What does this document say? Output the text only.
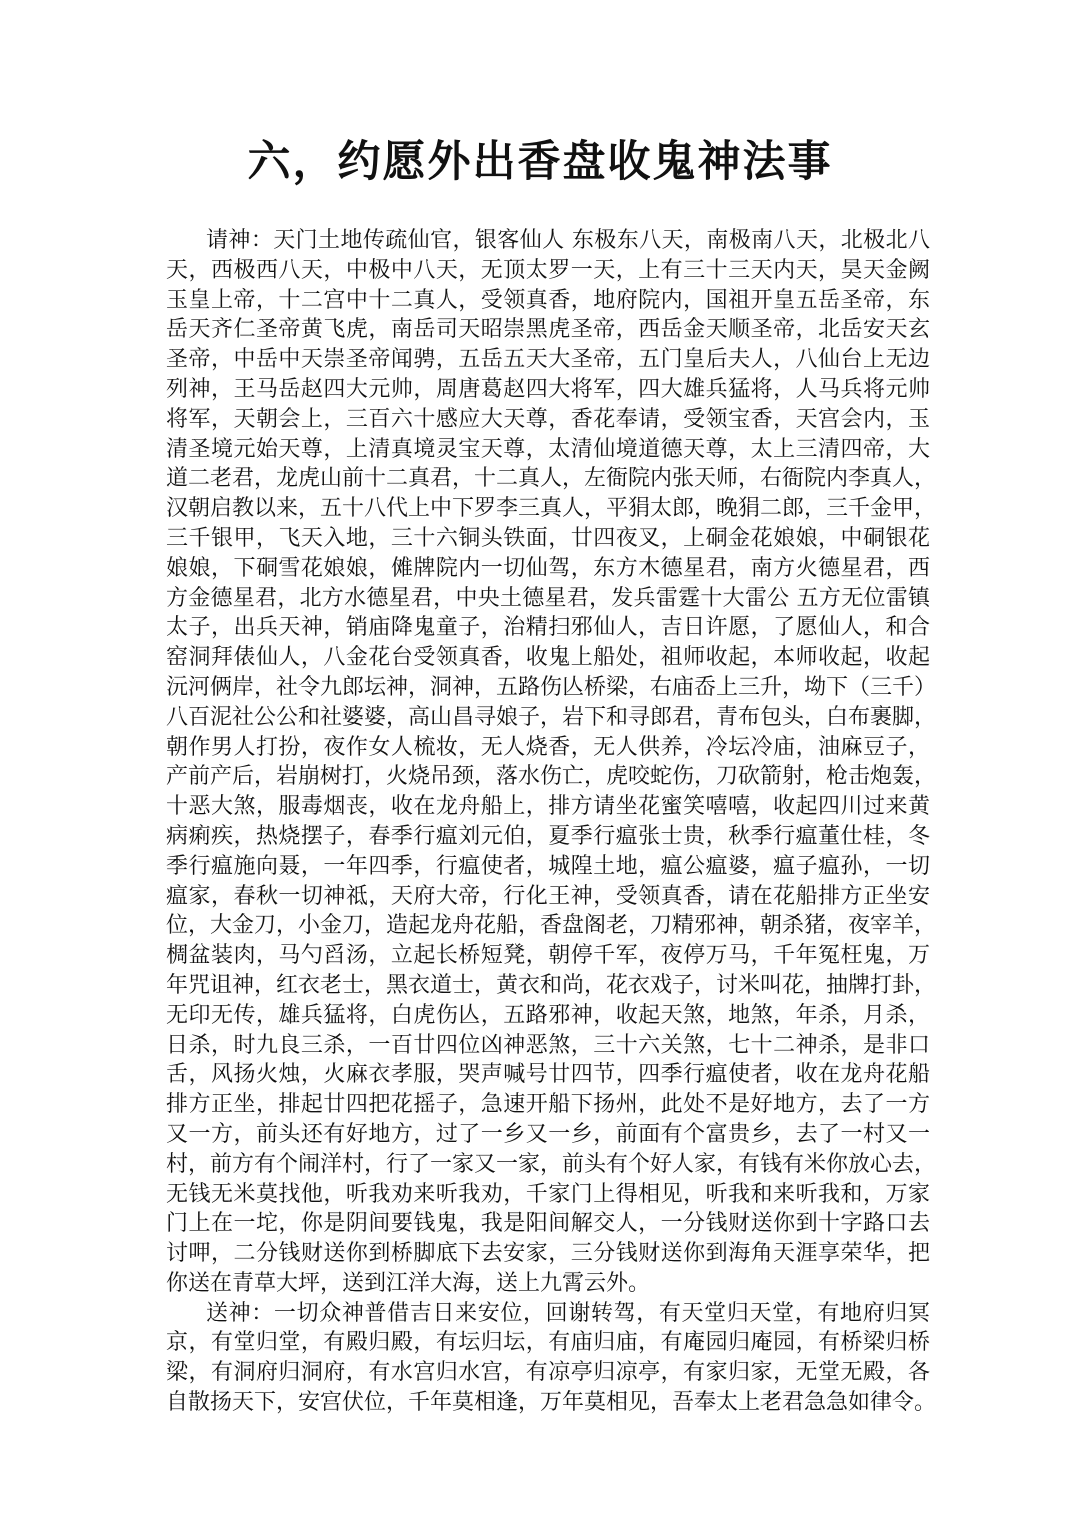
六，约愿外出香盘收鬼神法事
请神：天门土地传疏仙官，银客仙人 东极东八天，南极南八天，北极北八
天，西极西八天，中极中八天，无顶太罗一天，上有三十三天内天，昊天金阙
玉皇上帝，十二宫中十二真人，受领真香，地府院内，国祖开皇五岳圣帝，东
岳天齐仁圣帝黄飞虎，南岳司天昭崇黑虎圣帝，西岳金天顺圣帝，北岳安天玄
圣帝，中岳中天崇圣帝闻骋，五岳五天大圣帝，五门皇后夫人，八仙台上无边
列神，王马岳赵四大元帅，周唐葛赵四大将军，四大雄兵猛将，人马兵将元帅
将军，天朝会上，三百六十感应大天尊，香花奉请，受领宝香，天宫会内，玉
清圣境元始天尊，上清真境灵宝天尊，太清仙境道德天尊，太上三清四帝，大
道二老君，龙虎山前十二真君，十二真人，左衙院内张天师，右衙院内李真人，
汉朝启教以来，五十八代上中下罗李三真人，平狷太郎，晚狷二郎，三千金甲，
三千银甲，飞天入地，三十六铜头铁面，廿四夜叉，上硐金花娘娘，中硐银花
娘娘，下硐雪花娘娘，傩牌院内一切仙驾，东方木德星君，南方火德星君，西
方金德星君，北方水德星君，中央土德星君，发兵雷霆十大雷公 五方无位雷镇
太子，出兵天神，销庙降鬼童子，治精扫邪仙人，吉日许愿，了愿仙人，和合
窑洞拜俵仙人，八金花台受领真香，收鬼上船处，祖师收起，本师收起，收起
沅河俩岸，社令九郎坛神，洞神，五路伤亾桥梁，右庙岙上三升，坳下（三千）
八百泥社公公和社婆婆，高山昌寻娘子，岩下和寻郎君，青布包头，白布裹脚，
朝作男人打扮，夜作女人梳妆，无人烧香，无人供养，冷坛冷庙，油麻豆子，
产前产后，岩崩树打，火烧吊颈，落水伤亡，虎咬蛇伤，刀砍箭射，枪击炮轰，
十恶大煞，服毒烟丧，收在龙舟船上，排方请坐花蜜笑嘻嘻，收起四川过来黄
病痢疾，热烧摆子，春季行瘟刘元伯，夏季行瘟张士贵，秋季行瘟董仕桂，冬
季行瘟施向聂，一年四季，行瘟使者，城隍土地，瘟公瘟婆，瘟子瘟孙，一切
瘟家，春秋一切神祗，天府大帝，行化王神，受领真香，请在花船排方正坐安
位，大金刀，小金刀，造起龙舟花船，香盘阁老，刀精邪神，朝杀猪，夜宰羊，
椆盆装肉，马勺舀汤，立起长桥短凳，朝停千军，夜停万马，千年冤枉鬼，万
年咒诅神，红衣老士，黑衣道士，黄衣和尚，花衣戏子，讨米叫花，抽牌打卦，
无印无传，雄兵猛将，白虎伤亾，五路邪神，收起天煞，地煞，年杀，月杀，
日杀，时九良三杀，一百廿四位凶神恶煞，三十六关煞，七十二神杀，是非口
舌，风扬火烛，火麻衣孝服，哭声喊号廿四节，四季行瘟使者，收在龙舟花船
排方正坐，排起廿四把花摇子，急速开船下扬州，此处不是好地方，去了一方
又一方，前头还有好地方，过了一乡又一乡，前面有个富贵乡，去了一村又一
村，前方有个闹洋村，行了一家又一家，前头有个好人家，有钱有米你放心去，
无钱无米莫找他，听我劝来听我劝，千家门上得相见，听我和来听我和，万家
门上在一坨，你是阴间要钱鬼，我是阳间解交人，一分钱财送你到十字路口去
讨呷，二分钱财送你到桥脚底下去安家，三分钱财送你到海角天涯享荣华，把
你送在青草大坪，送到江洋大海，送上九霄云外。
送神：一切众神普借吉日来安位，回谢转驾，有天堂归天堂，有地府归冥
京，有堂归堂，有殿归殿，有坛归坛，有庙归庙，有庵园归庵园，有桥梁归桥
梁，有洞府归洞府，有水宫归水宫，有凉亭归凉亭，有家归家，无堂无殿，各
自散扬天下，安宫伏位，千年莫相逢，万年莫相见，吾奉太上老君急急如律令。
